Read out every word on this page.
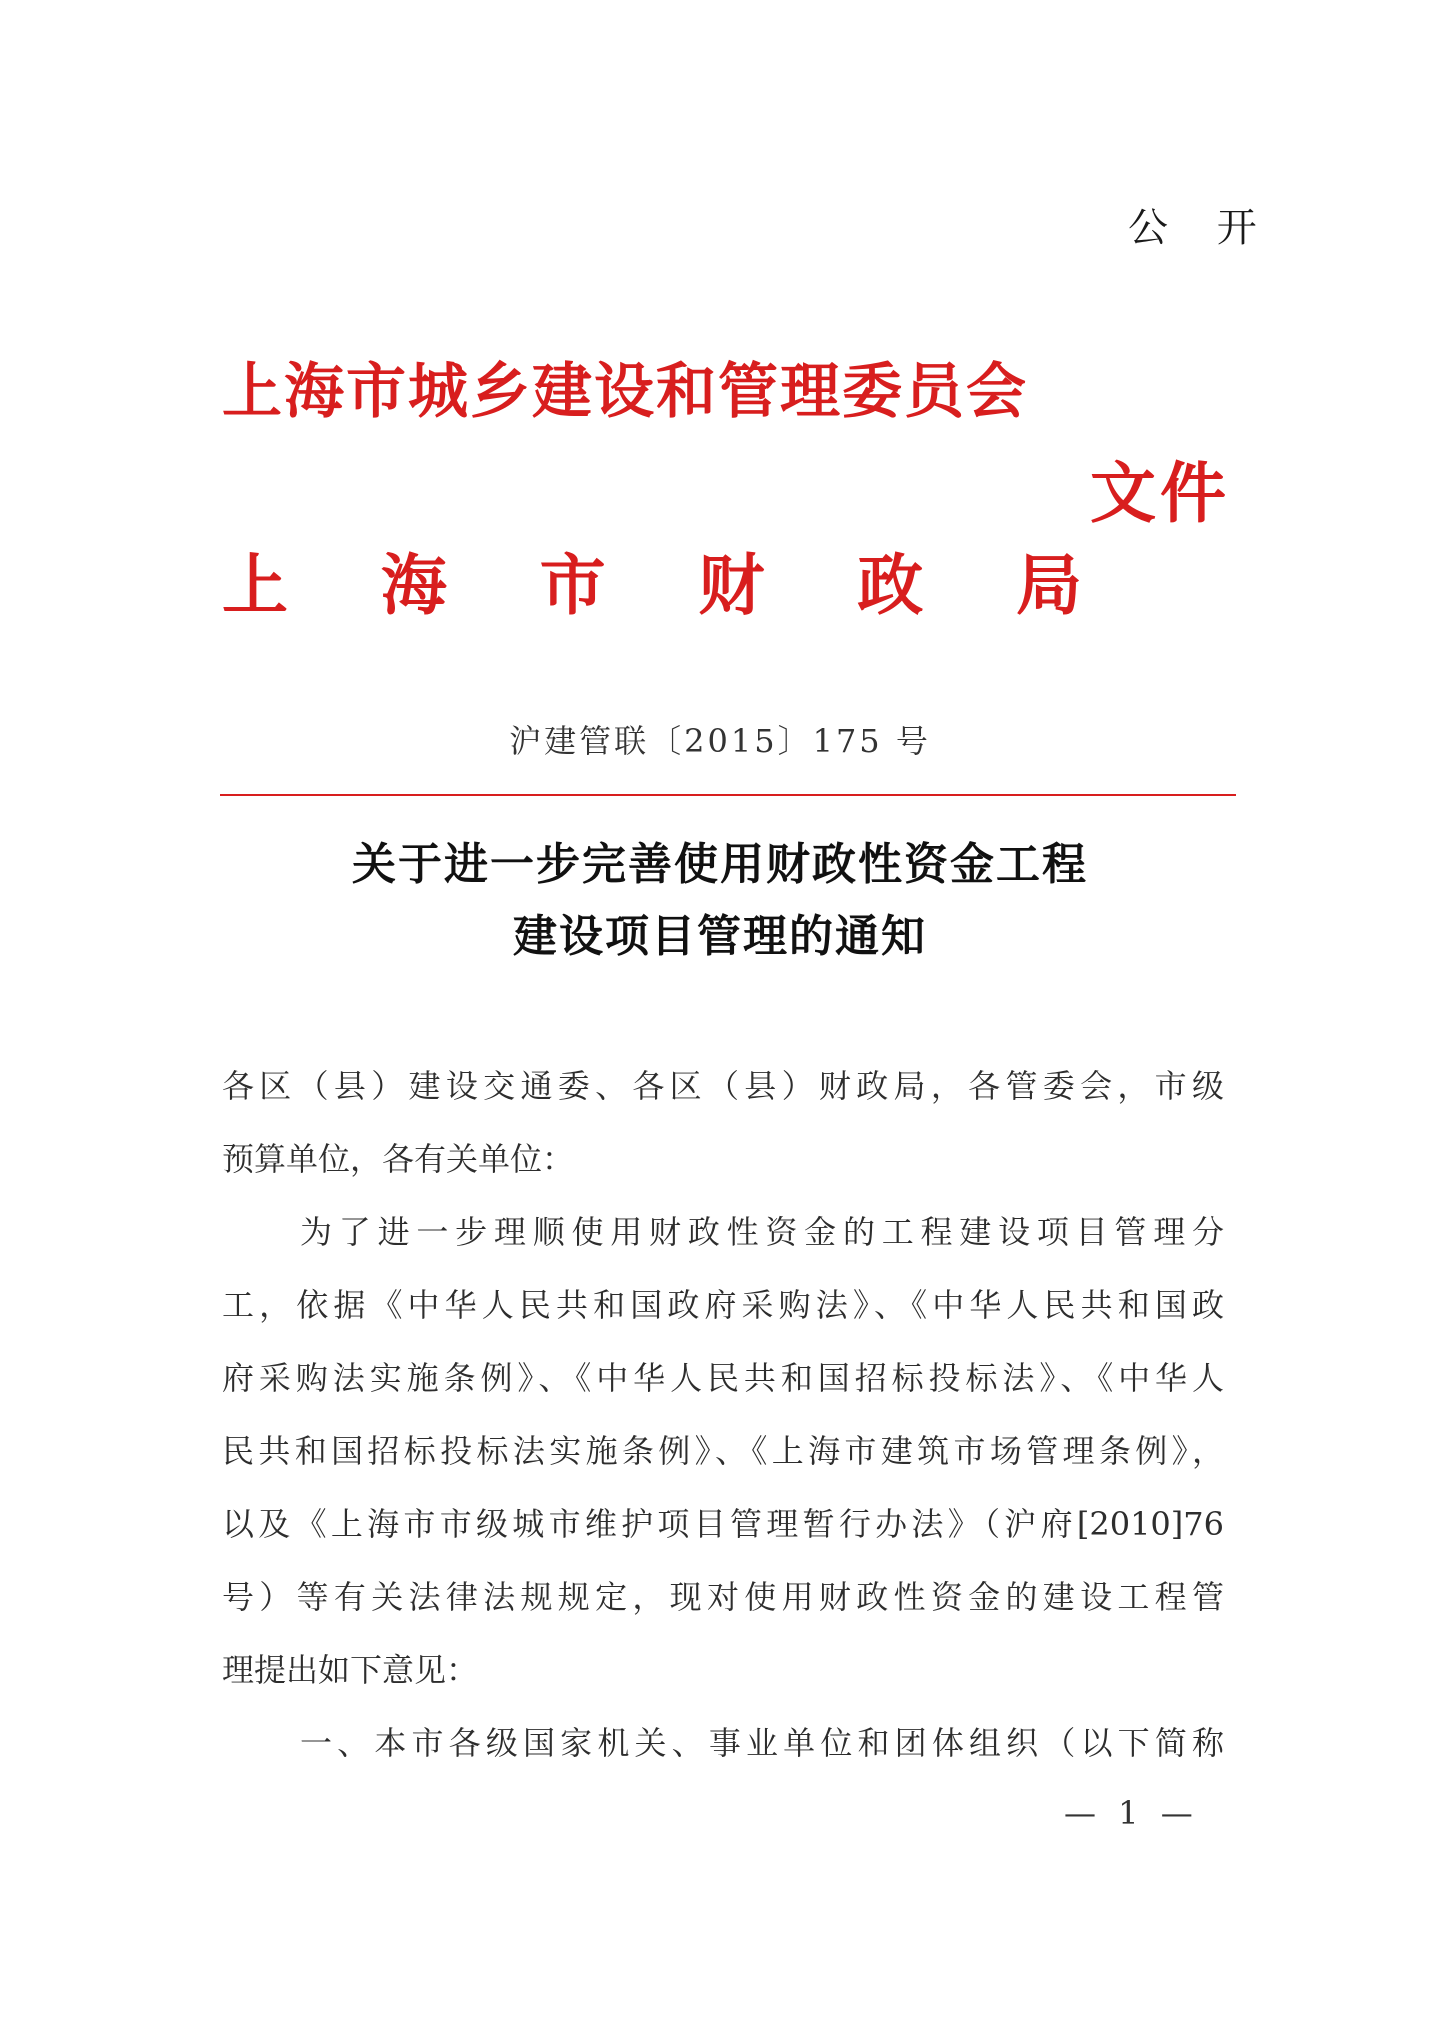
公 开
上海市城乡建设和管理委员会
文件
上 海 市 财 政 局
沪建管联〔2015〕175 号
关于进一步完善使用财政性资金工程
建设项目管理的通知
各区（县）建设交通委、各区（县）财政局，各管委会，市级
预算单位，各有关单位：
为了进一步理顺使用财政性资金的工程建设项目管理分
工，依据《中华人民共和国政府采购法》、《中华人民共和国政
府采购法实施条例》、《中华人民共和国招标投标法》、《中华人
民共和国招标投标法实施条例》、《上海市建筑市场管理条例》，
以及《上海市市级城市维护项目管理暂行办法》（沪府[2010]76
号）等有关法律法规规定，现对使用财政性资金的建设工程管
理提出如下意见：
一、本市各级国家机关、事业单位和团体组织（以下简称
— 1 —
